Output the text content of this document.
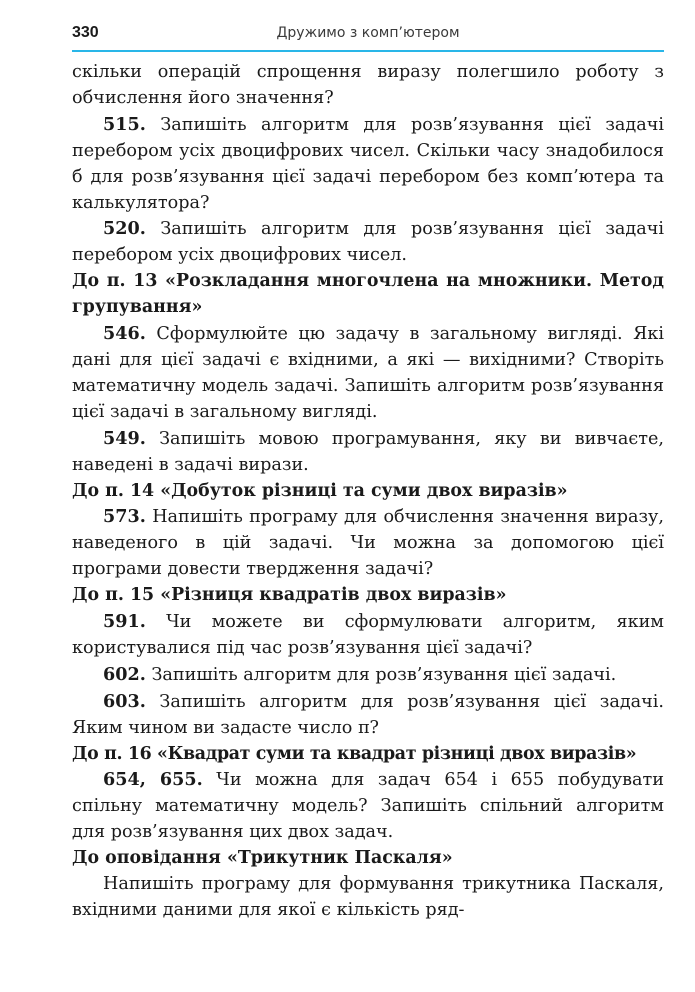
330	Дружимо з комп’ютером

скільки операцій спрощення виразу полегшило роботу з обчислення його значення?

515. Запишіть алгоритм для розв’язування цієї задачі перебором усіх двоцифрових чисел. Скільки часу знадобилося б для розв’язування цієї задачі перебором без комп’ютера та калькулятора?

520. Запишіть алгоритм для розв’язування цієї задачі перебором усіх двоцифрових чисел.

До п. 13 «Розкладання многочлена на множники. Метод групування»

546. Сформулюйте цю задачу в загальному вигляді. Які дані для цієї задачі є вхідними, а які — вихідними? Створіть математичну модель задачі. Запишіть алгоритм розв’язування цієї задачі в загальному вигляді.

549. Запишіть мовою програмування, яку ви вивчаєте, наведені в задачі вирази.

До п. 14 «Добуток різниці та суми двох виразів»

573. Напишіть програму для обчислення значення виразу, наведеного в цій задачі. Чи можна за допомогою цієї програми довести твердження задачі?

До п. 15 «Різниця квадратів двох виразів»

591. Чи можете ви сформулювати алгоритм, яким користувалися під час розв’язування цієї задачі?

602. Запишіть алгоритм для розв’язування цієї задачі.

603. Запишіть алгоритм для розв’язування цієї задачі. Яким чином ви задасте число π?

До п. 16 «Квадрат суми та квадрат різниці двох виразів»

654, 655. Чи можна для задач 654 і 655 побудувати спільну математичну модель? Запишіть спільний алгоритм для розв’язування цих двох задач.

До оповідання «Трикутник Паскаля»

Напишіть програму для формування трикутника Паскаля, вхідними даними для якої є кількість ряд-
